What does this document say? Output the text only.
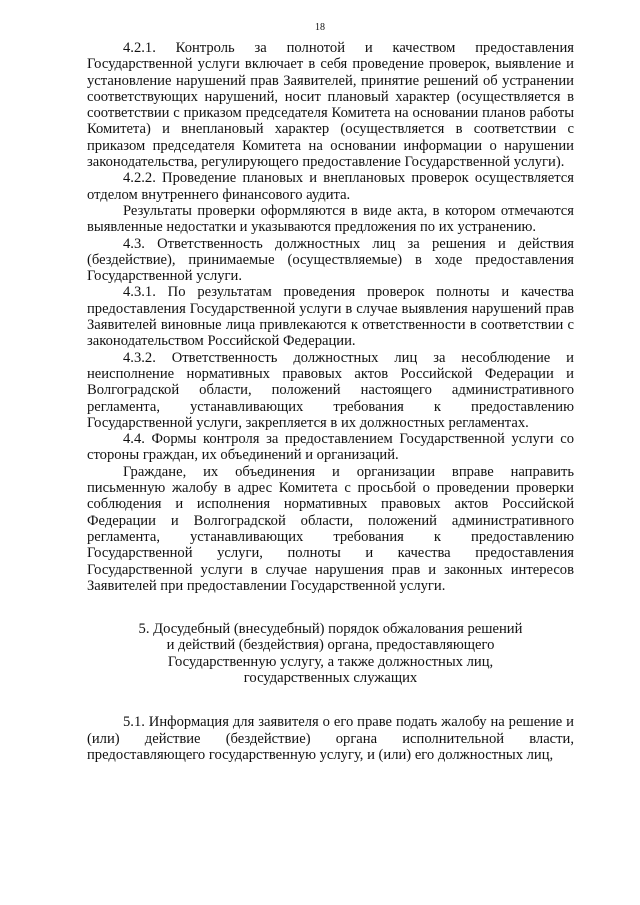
18

4.2.1. Контроль за полнотой и качеством предоставления Государственной услуги включает в себя проведение проверок, выявление и установление нарушений прав Заявителей, принятие решений об устранении соответствующих нарушений, носит плановый характер (осуществляется в соответствии с приказом председателя Комитета на основании планов работы Комитета) и внеплановый характер (осуществляется в соответствии с приказом председателя Комитета на основании информации о нарушении законодательства, регулирующего предоставление Государственной услуги).

4.2.2. Проведение плановых и внеплановых проверок осуществляется отделом внутреннего финансового аудита.

Результаты проверки оформляются в виде акта, в котором отмечаются выявленные недостатки и указываются предложения по их устранению.

4.3. Ответственность должностных лиц за решения и действия (бездействие), принимаемые (осуществляемые) в ходе предоставления Государственной услуги.

4.3.1. По результатам проведения проверок полноты и качества предоставления Государственной услуги в случае выявления нарушений прав Заявителей виновные лица привлекаются к ответственности в соответствии с законодательством Российской Федерации.

4.3.2. Ответственность должностных лиц за несоблюдение и неисполнение нормативных правовых актов Российской Федерации и Волгоградской области, положений настоящего административного регламента, устанавливающих требования к предоставлению Государственной услуги, закрепляется в их должностных регламентах.

4.4. Формы контроля за предоставлением Государственной услуги со стороны граждан, их объединений и организаций.

Граждане, их объединения и организации вправе направить письменную жалобу в адрес Комитета с просьбой о проведении проверки соблюдения и исполнения нормативных правовых актов Российской Федерации и Волгоградской области, положений административного регламента, устанавливающих требования к предоставлению Государственной услуги, полноты и качества предоставления Государственной услуги в случае нарушения прав и законных интересов Заявителей при предоставлении Государственной услуги.

5. Досудебный (внесудебный) порядок обжалования решений
и действий (бездействия) органа, предоставляющего
Государственную услугу, а также должностных лиц,
государственных служащих

5.1. Информация для заявителя о его праве подать жалобу на решение и (или) действие (бездействие) органа исполнительной власти, предоставляющего государственную услугу, и (или) его должностных лиц,
